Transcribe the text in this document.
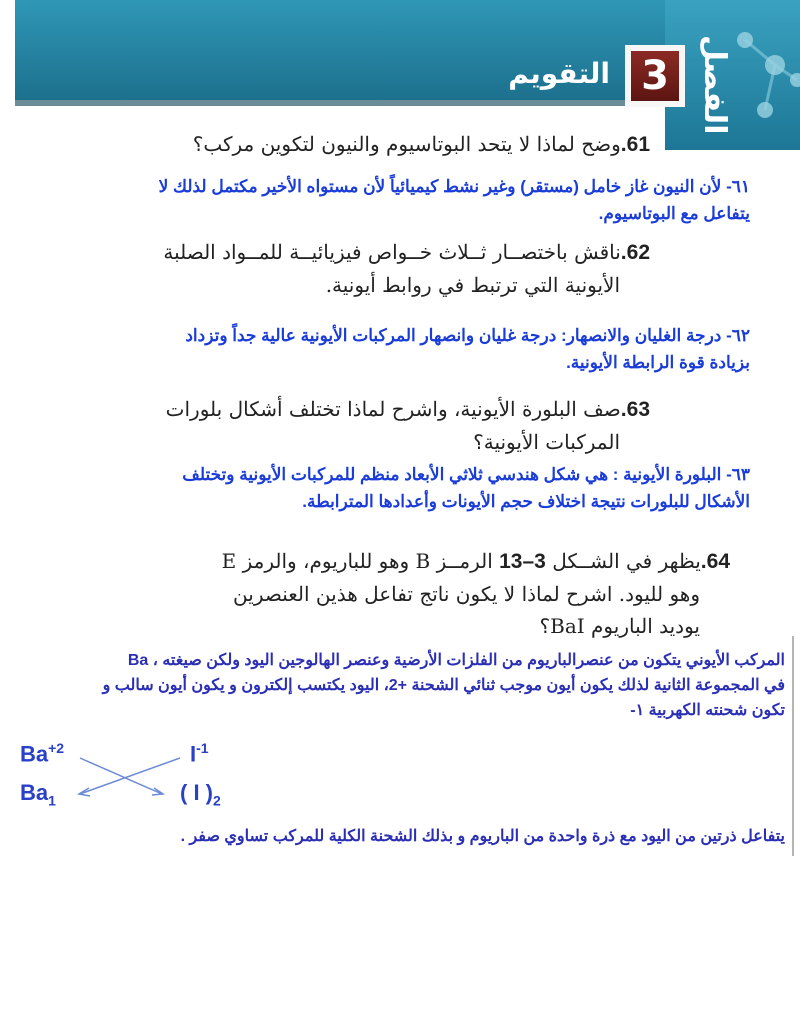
الفصل
3
التقويم
61.وضح لماذا لا يتحد البوتاسيوم والنيون لتكوين مركب؟
٦١- لأن النيون غاز خامل (مستقر) وغير نشط كيميائياً لأن مستواه الأخير مكتمل لذلك لا
يتفاعل مع البوتاسيوم.
62.ناقش باختصــار ثــلاث خــواص فيزيائيــة للمــواد الصلبة
الأيونية التي ترتبط في روابط أيونية.
٦٢- درجة الغليان والانصهار: درجة غليان وانصهار المركبات الأيونية عالية جداً وتزداد
بزيادة قوة الرابطة الأيونية.
63.صف البلورة الأيونية، واشرح لماذا تختلف أشكال بلورات
المركبات الأيونية؟
٦٣- البلورة الأيونية : هي شكل هندسي ثلاثي الأبعاد منظم للمركبات الأيونية وتختلف
الأشكال للبلورات نتيجة اختلاف حجم الأيونات وأعدادها المترابطة.
64.يظهر في الشــكل 3–13 الرمــز B وهو للباريوم، والرمز E
وهو لليود. اشرح لماذا لا يكون ناتج تفاعل هذين العنصرين
يوديد الباريوم BaI؟
المركب الأيوني يتكون من عنصرالباريوم من الفلزات الأرضية وعنصر الهالوجين اليود ولكن صيغته ، Ba
في المجموعة الثانية لذلك يكون أيون موجب ثنائي الشحنة +2، اليود يكتسب إلكترون و يكون أيون سالب و
تكون شحنته الكهربية ١-
$Ba^{+2}$	$I^{-1}$
$Ba_1$	( I )$_2$
يتفاعل ذرتين من اليود مع ذرة واحدة من الباريوم و بذلك الشحنة الكلية للمركب تساوي صفر .
